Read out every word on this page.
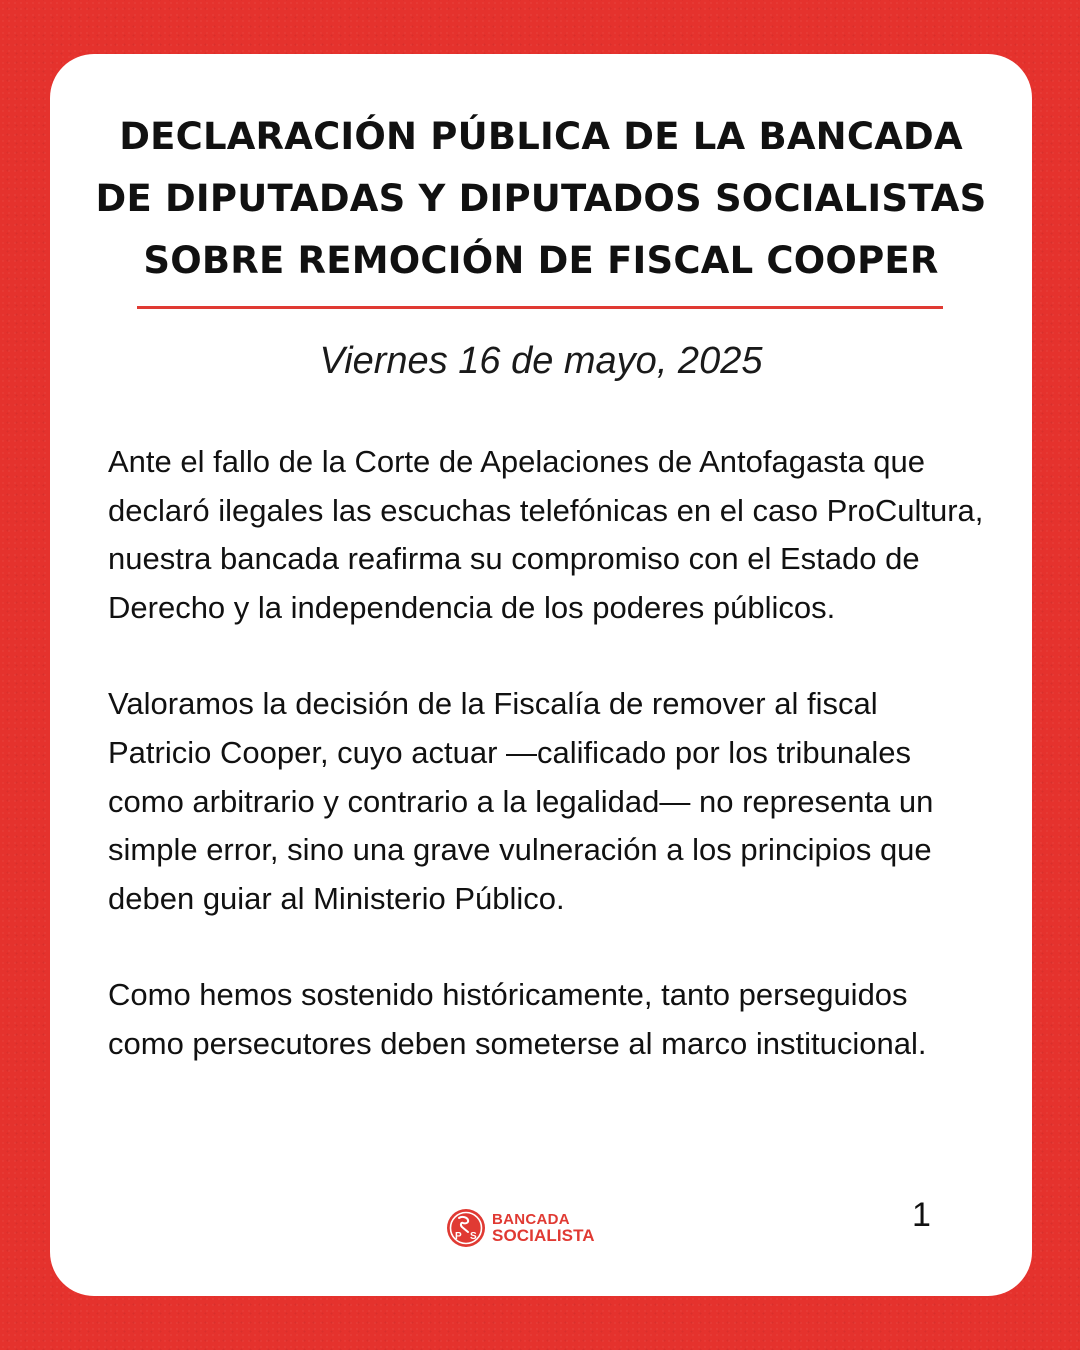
DECLARACIÓN PÚBLICA DE LA BANCADA
DE DIPUTADAS Y DIPUTADOS SOCIALISTAS
SOBRE REMOCIÓN DE FISCAL COOPER
Viernes 16 de mayo, 2025

Ante el fallo de la Corte de Apelaciones de Antofagasta que declaró ilegales las escuchas telefónicas en el caso ProCultura, nuestra bancada reafirma su compromiso con el Estado de Derecho y la independencia de los poderes públicos.

Valoramos la decisión de la Fiscalía de remover al fiscal Patricio Cooper, cuyo actuar —calificado por los tribunales como arbitrario y contrario a la legalidad— no representa un simple error, sino una grave vulneración a los principios que deben guiar al Ministerio Público.

Como hemos sostenido históricamente, tanto perseguidos como persecutores deben someterse al marco institucional.

P S
BANCADA
SOCIALISTA
1
